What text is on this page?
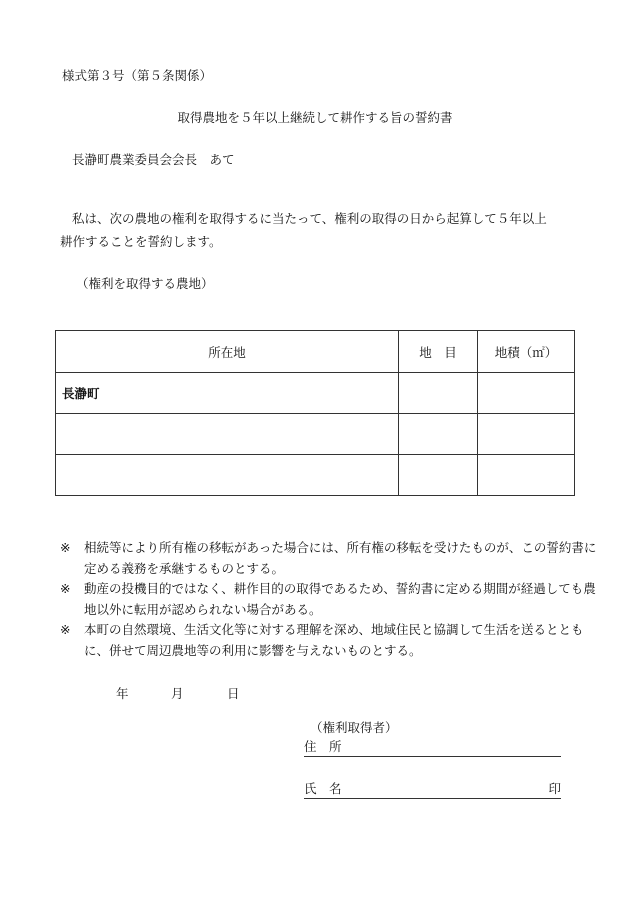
様式第３号（第５条関係）
取得農地を５年以上継続して耕作する旨の誓約書
長瀞町農業委員会会長　あて
私は、次の農地の権利を取得するに当たって、権利の取得の日から起算して５年以上
耕作することを誓約します。
（権利を取得する農地）
所在地	地　目	地積（㎡）
長瀞町		

※ 相続等により所有権の移転があった場合には、所有権の移転を受けたものが、この誓約書に定める義務を承継するものとする。
※ 動産の投機目的ではなく、耕作目的の取得であるため、誓約書に定める期間が経過しても農地以外に転用が認められない場合がある。
※ 本町の自然環境、生活文化等に対する理解を深め、地域住民と協調して生活を送るとともに、併せて周辺農地等の利用に影響を与えないものとする。
年	月	日
（権利取得者）
住　所
氏　名	印
